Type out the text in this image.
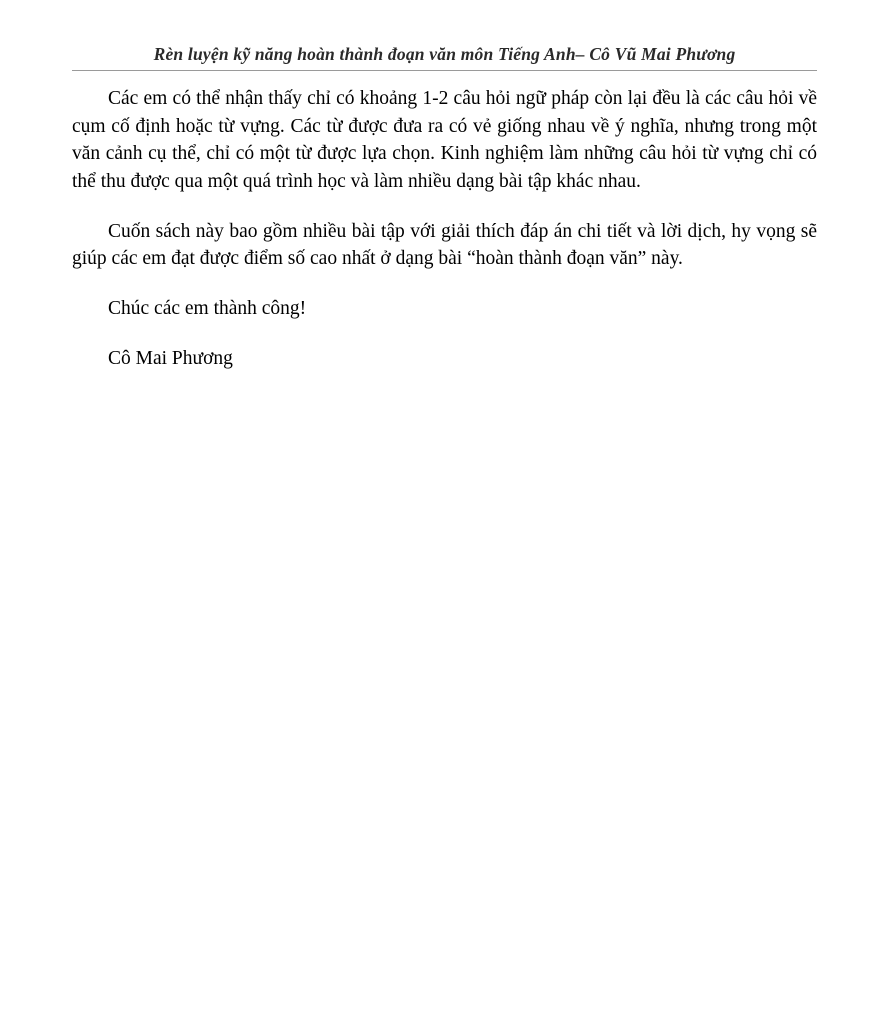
Rèn luyện kỹ năng hoàn thành đoạn văn môn Tiếng Anh– Cô Vũ Mai Phương

Các em có thể nhận thấy chỉ có khoảng 1-2 câu hỏi ngữ pháp còn lại đều là các câu hỏi về cụm cố định hoặc từ vựng. Các từ được đưa ra có vẻ giống nhau về ý nghĩa, nhưng trong một văn cảnh cụ thể, chỉ có một từ được lựa chọn. Kinh nghiệm làm những câu hỏi từ vựng chỉ có thể thu được qua một quá trình học và làm nhiều dạng bài tập khác nhau.

Cuốn sách này bao gồm nhiều bài tập với giải thích đáp án chi tiết và lời dịch, hy vọng sẽ giúp các em đạt được điểm số cao nhất ở dạng bài “hoàn thành đoạn văn” này.

Chúc các em thành công!

Cô Mai Phương
